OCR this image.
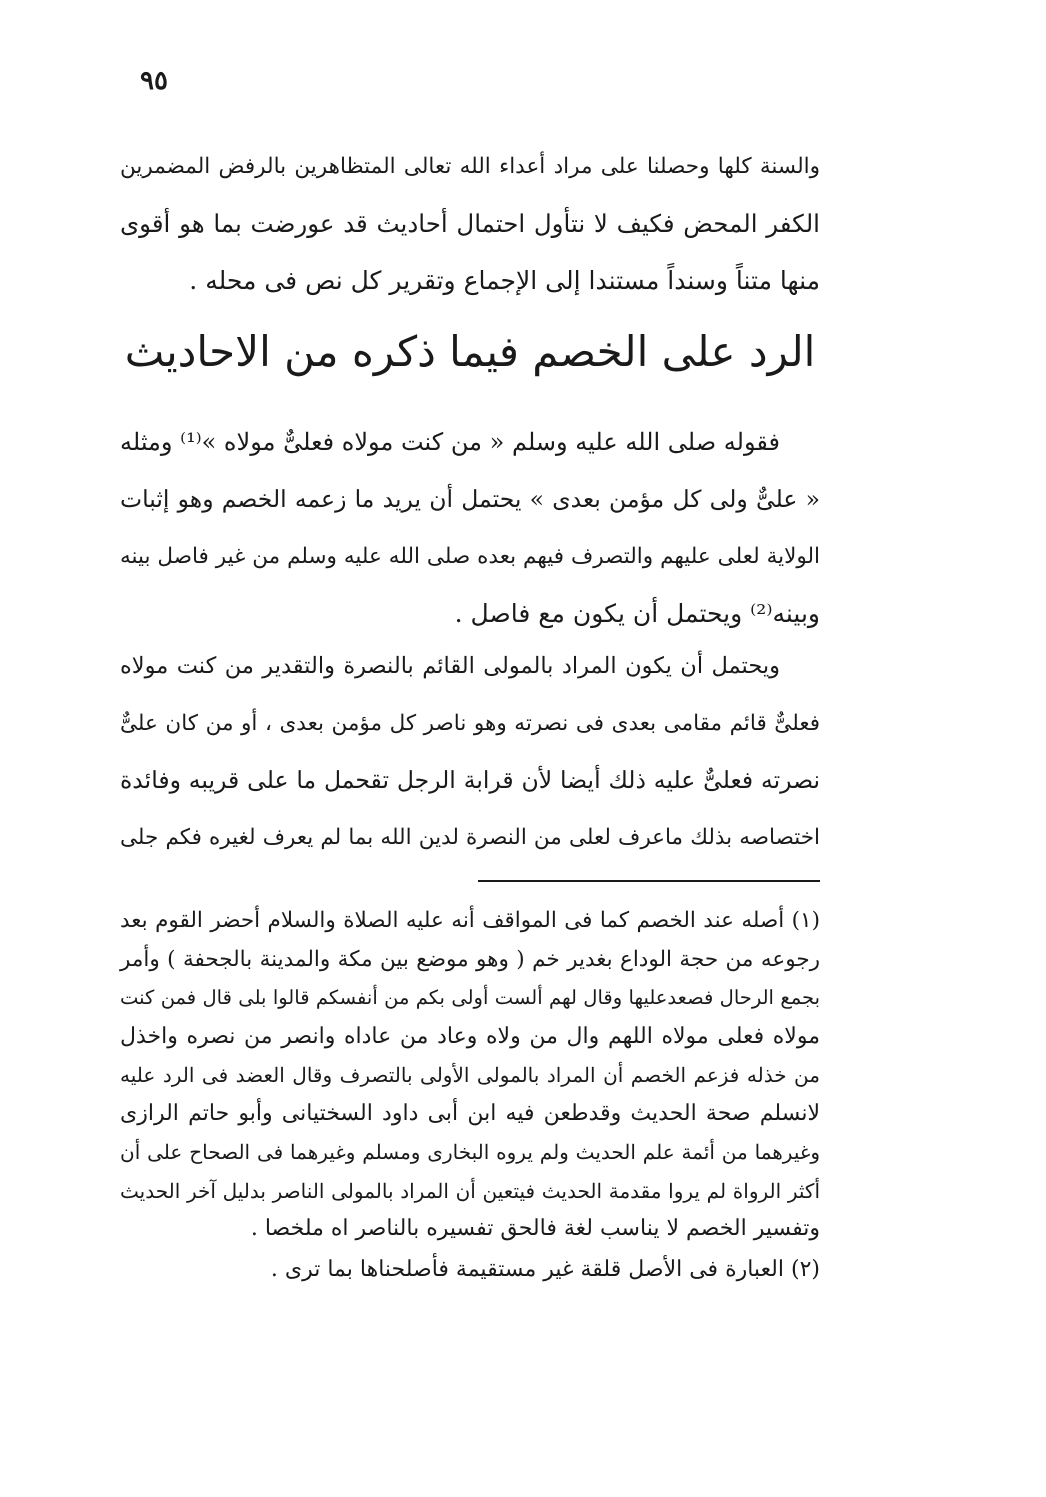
٩٥
والسنة كلها وحصلنا على مراد أعداء الله تعالى المتظاهرين بالرفض المضمرين
الكفر المحض فكيف لا نتأول احتمال أحاديث قد عورضت بما هو أقوى
منها متناً وسنداً مستندا إلى الإجماع وتقرير كل نص فى محله .
الرد على الخصم فيما ذكره من الاحاديث
فقوله صلى الله عليه وسلم « من كنت مولاه فعلىٌّ مولاه »⁽¹⁾ ومثله
« علىٌّ ولى كل مؤمن بعدى » يحتمل أن يريد ما زعمه الخصم وهو إثبات
الولاية لعلى عليهم والتصرف فيهم بعده صلى الله عليه وسلم من غير فاصل بينه
وبينه⁽²⁾ ويحتمل أن يكون مع فاصل .
ويحتمل أن يكون المراد بالمولى القائم بالنصرة والتقدير من كنت مولاه
فعلىٌّ قائم مقامى بعدى فى نصرته وهو ناصر كل مؤمن بعدى ، أو من كان علىٌّ
نصرته فعلىٌّ عليه ذلك أيضا لأن قرابة الرجل تقحمل ما على قريبه وفائدة
اختصاصه بذلك ماعرف لعلى من النصرة لدين الله بما لم يعرف لغيره فكم جلى
(١) أصله عند الخصم كما فى المواقف أنه عليه الصلاة والسلام أحضر القوم بعد
رجوعه من حجة الوداع بغدير خم ( وهو موضع بين مكة والمدينة بالجحفة ) وأمر
بجمع الرحال فصعدعليها وقال لهم ألست أولى بكم من أنفسكم قالوا بلى قال فمن كنت
مولاه فعلى مولاه اللهم وال من ولاه وعاد من عاداه وانصر من نصره واخذل
من خذله فزعم الخصم أن المراد بالمولى الأولى بالتصرف وقال العضد فى الرد عليه
لانسلم صحة الحديث وقدطعن فيه ابن أبى داود السختيانى وأبو حاتم الرازى
وغيرهما من أئمة علم الحديث ولم يروه البخارى ومسلم وغيرهما فى الصحاح على أن
أكثر الرواة لم يروا مقدمة الحديث فيتعين أن المراد بالمولى الناصر بدليل آخر الحديث
وتفسير الخصم لا يناسب لغة فالحق تفسيره بالناصر اه ملخصا .
(٢) العبارة فى الأصل قلقة غير مستقيمة فأصلحناها بما ترى .
